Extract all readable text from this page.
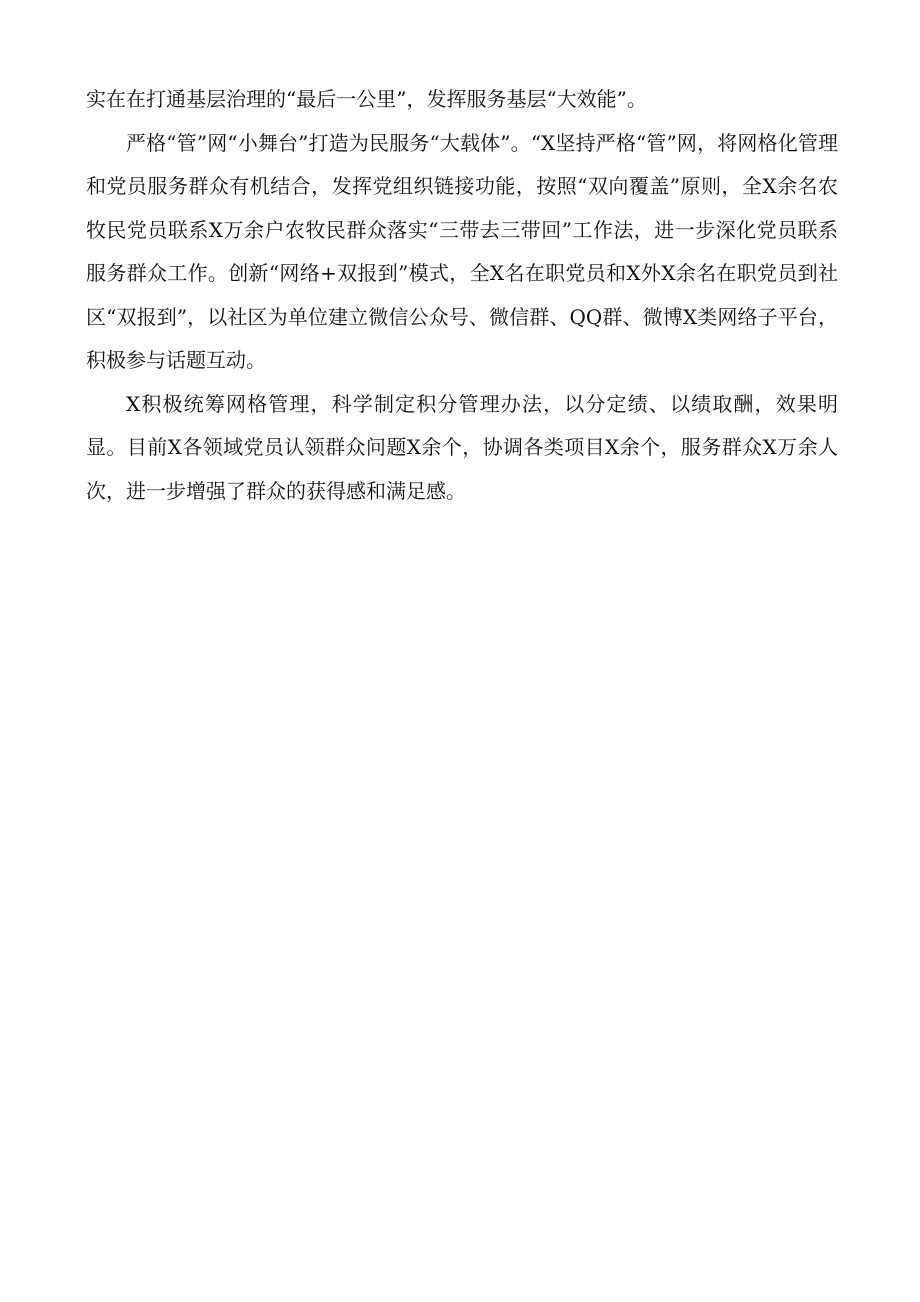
实在在打通基层治理的“最后一公里”，发挥服务基层“大效能”。

严格“管”网“小舞台”打造为民服务“大载体”。“X坚持严格“管”网，将网格化管理和党员服务群众有机结合，发挥党组织链接功能，按照“双向覆盖”原则，全X余名农牧民党员联系X万余户农牧民群众落实“三带去三带回”工作法，进一步深化党员联系服务群众工作。创新“网络+双报到”模式，全X名在职党员和X外X余名在职党员到社区“双报到”，以社区为单位建立微信公众号、微信群、QQ群、微博X类网络子平台，积极参与话题互动。

X积极统筹网格管理，科学制定积分管理办法，以分定绩、以绩取酬，效果明显。目前X各领域党员认领群众问题X余个，协调各类项目X余个，服务群众X万余人次，进一步增强了群众的获得感和满足感。
